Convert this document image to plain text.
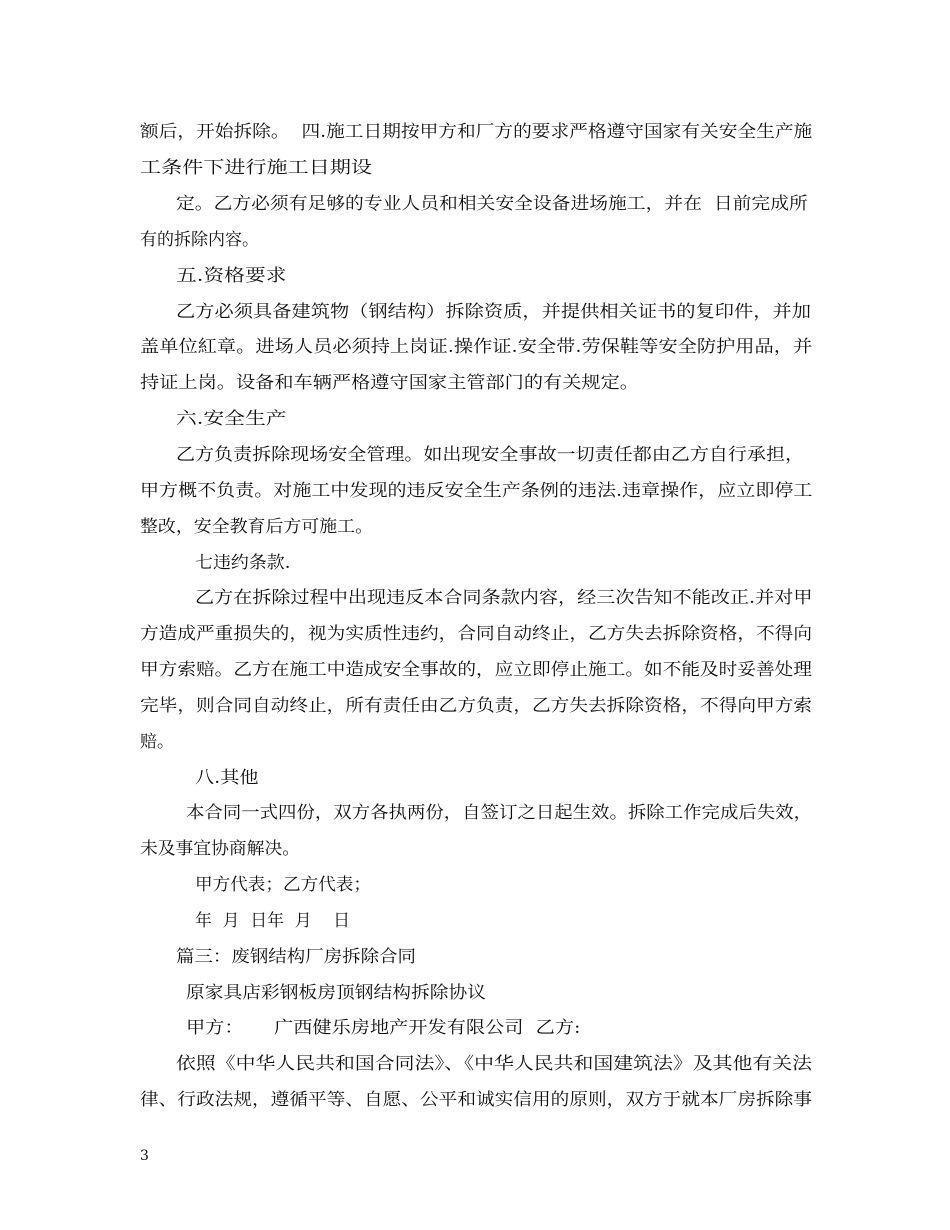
额后，开始拆除。  四.施工日期按甲方和厂方的要求严格遵守国家有关安全生产施
工条件下进行施工日期设
定。乙方必须有足够的专业人员和相关安全设备进场施工，并在  日前完成所
有的拆除内容。
五.资格要求
乙方必须具备建筑物（钢结构）拆除资质，并提供相关证书的复印件，并加
盖单位紅章。进场人员必须持上岗证.操作证.安全带.劳保鞋等安全防护用品，并
持证上岗。设备和车辆严格遵守国家主管部门的有关规定。
六.安全生产
乙方负责拆除现场安全管理。如出现安全事故一切责任都由乙方自行承担，
甲方概不负责。对施工中发现的违反安全生产条例的违法.违章操作，应立即停工
整改，安全教育后方可施工。
七违约条款.
乙方在拆除过程中出现违反本合同条款内容，经三次告知不能改正.并对甲
方造成严重损失的，视为实质性违约，合同自动终止，乙方失去拆除资格，不得向
甲方索赔。乙方在施工中造成安全事故的，应立即停止施工。如不能及时妥善处理
完毕，则合同自动终止，所有责任由乙方负责，乙方失去拆除资格，不得向甲方索
赔。
八.其他
本合同一式四份，双方各执两份，自签订之日起生效。拆除工作完成后失效，
未及事宜协商解决。
甲方代表；乙方代表；
年  月  日年  月    日
篇三：废钢结构厂房拆除合同
原家具店彩钢板房顶钢结构拆除协议
甲方：     广西健乐房地产开发有限公司  乙方:
依照《中华人民共和国合同法》、《中华人民共和国建筑法》及其他有关法
律、行政法规，遵循平等、自愿、公平和诚实信用的原则，双方于就本厂房拆除事
3
